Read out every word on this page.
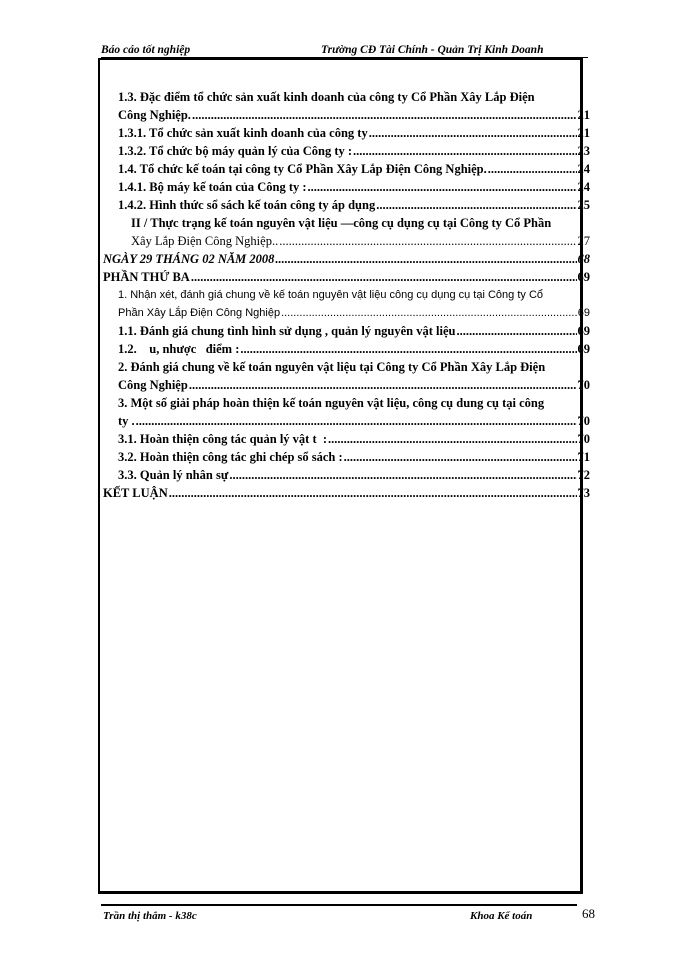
Báo cáo tốt nghiệp	Trường CĐ Tài Chính - Quản Trị Kinh Doanh
1.3. Đặc điểm tổ chức sản xuất kinh doanh của công ty Cổ Phần Xây Lắp Điện
Công Nghiệp. .....	21
1.3.1. Tổ chức sản xuất kinh doanh của công ty .....	21
1.3.2. Tổ chức bộ máy quản lý của Công ty : .....	23
1.4. Tổ chức kế toán tại công ty Cổ Phần Xây Lắp Điện Công Nghiệp. .....	24
1.4.1. Bộ máy kế toán của Công ty : .....	24
1.4.2. Hình thức sổ sách kế toán công ty áp dụng .....	25
II / Thực trạng kế toán nguyên vật liệu —công cụ dụng cụ tại Công ty Cổ Phần
Xây Lắp Điện Công Nghiệp.. .....	27
NGÀY 29 THÁNG 02 NĂM 2008 .....	68
PHẦN THỨ BA .....	69
1. Nhận xét, đánh giá chung về kế toán nguyên vật liệu công cụ dụng cụ tại Công ty Cổ
Phần Xây Lắp Điện Công Nghiệp .....	69
1.1. Đánh giá chung tình hình sử dụng , quản lý nguyên vật liệu .....	69
1.2.    u, nhược   điểm : .....	69
2. Đánh giá chung về kế toán nguyên vật liệu tại Công ty Cổ Phần Xây Lắp Điện
Công Nghiệp .....	70
3. Một số giải pháp hoàn thiện kế toán nguyên vật liệu, công cụ dung cụ tại công
ty . .....	70
3.1. Hoàn thiện công tác quản lý vật t  : .....	70
3.2. Hoàn thiện công tác ghi chép sổ sách : .....	71
3.3. Quản lý nhân sự .....	72
KẾT LUẬN .....	73
Trần thị thắm - k38c	Khoa Kế toán	68
